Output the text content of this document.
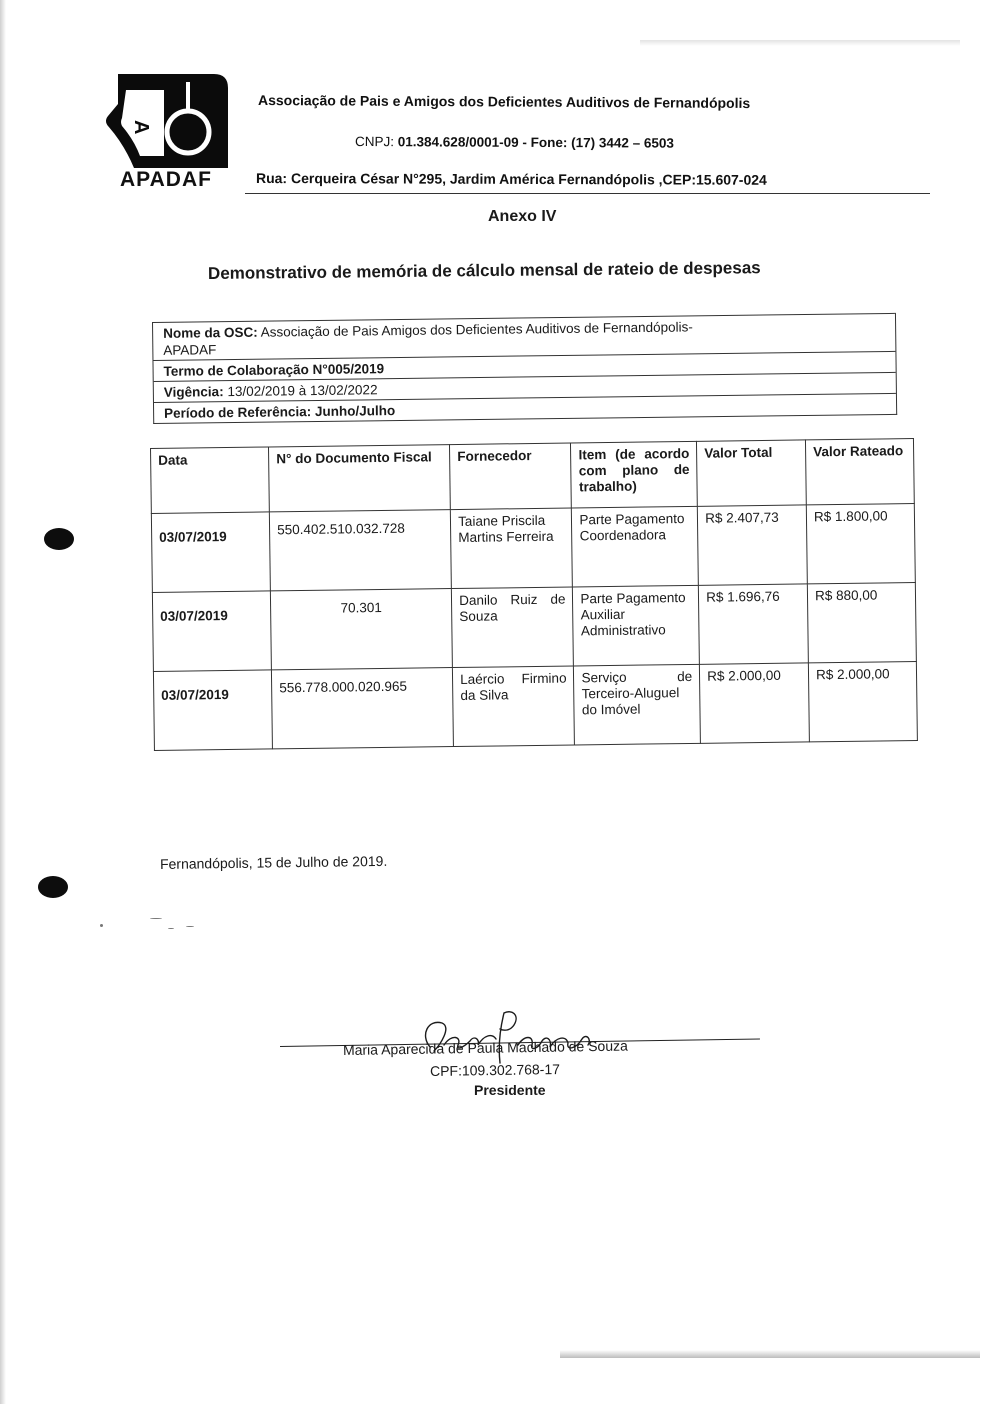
A
APADAF
Associação de Pais e Amigos dos Deficientes Auditivos de Fernandópolis
CNPJ: 01.384.628/0001-09 - Fone: (17) 3442 – 6503
Rua: Cerqueira César N°295, Jardim América Fernandópolis ,CEP:15.607-024
Anexo IV
Demonstrativo de memória de cálculo mensal de rateio de despesas
Nome da OSC: Associação de Pais Amigos dos Deficientes Auditivos de Fernandópolis-
APADAF
Termo de Colaboração N°005/2019
Vigência: 13/02/2019 à 13/02/2022
Período de Referência: Junho/Julho
Data	N° do Documento Fiscal	Fornecedor	Item (de acordo com plano de trabalho)	Valor Total	Valor Rateado
03/07/2019	550.402.510.032.728	Taiane Priscila Martins Ferreira	Parte Pagamento Coordenadora	R$ 2.407,73	R$ 1.800,00
03/07/2019	70.301	Danilo Ruiz de Souza	Parte Pagamento Auxiliar Administrativo	R$ 1.696,76	R$ 880,00
03/07/2019	556.778.000.020.965	Laércio Firmino da Silva	Serviço de Terceiro-Aluguel do Imóvel	R$ 2.000,00	R$ 2.000,00
Fernandópolis, 15 de Julho de 2019.
Maria Aparecida de Paula Machado de Souza
CPF:109.302.768-17
Presidente
